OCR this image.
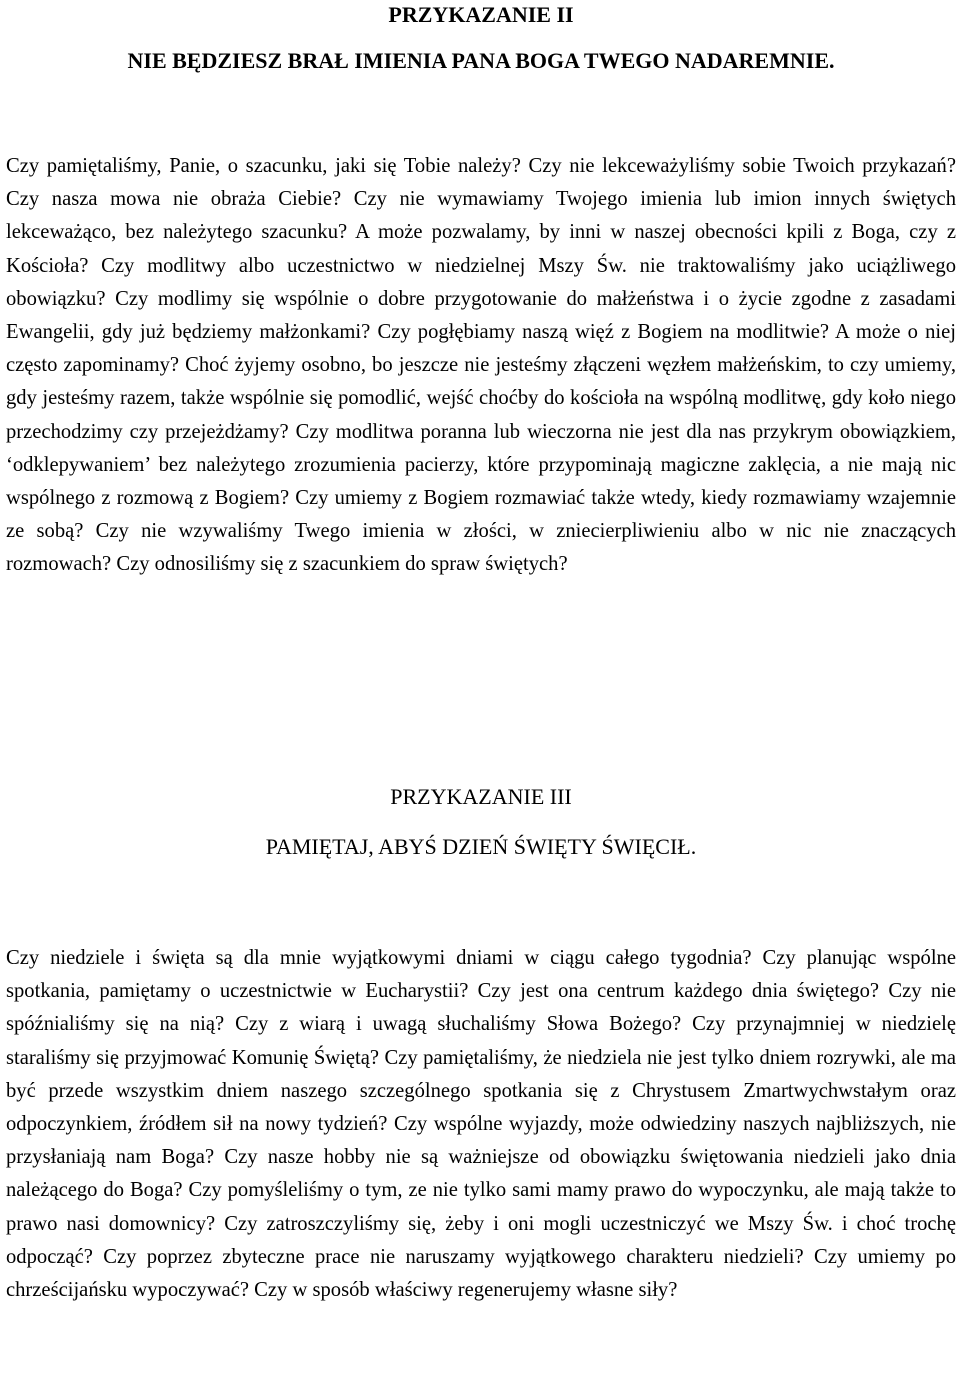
PRZYKAZANIE II
NIE BĘDZIESZ BRAŁ IMIENIA PANA BOGA TWEGO NADAREMNIE.

Czy pamiętaliśmy, Panie, o szacunku, jaki się Tobie należy? Czy nie lekceważyliśmy sobie Twoich przykazań? Czy nasza mowa nie obraża Ciebie? Czy nie wymawiamy Twojego imienia lub imion innych świętych lekceważąco, bez należytego szacunku? A może pozwalamy, by inni w naszej obecności kpili z Boga, czy z Kościoła? Czy modlitwy albo uczestnictwo w niedzielnej Mszy Św. nie traktowaliśmy jako uciążliwego obowiązku? Czy modlimy się wspólnie o dobre przygotowanie do małżeństwa i o życie zgodne z zasadami Ewangelii, gdy już będziemy małżonkami? Czy pogłębiamy naszą więź z Bogiem na modlitwie? A może o niej często zapominamy? Choć żyjemy osobno, bo jeszcze nie jesteśmy złączeni węzłem małżeńskim, to czy umiemy, gdy jesteśmy razem, także wspólnie się pomodlić, wejść choćby do kościoła na wspólną modlitwę, gdy koło niego przechodzimy czy przejeżdżamy? Czy modlitwa poranna lub wieczorna nie jest dla nas przykrym obowiązkiem, ‘odklepywaniem’ bez należytego zrozumienia pacierzy, które przypominają magiczne zaklęcia, a nie mają nic wspólnego z rozmową z Bogiem? Czy umiemy z Bogiem rozmawiać także wtedy, kiedy rozmawiamy wzajemnie ze sobą? Czy nie wzywaliśmy Twego imienia w złości, w zniecierpliwieniu albo w nic nie znaczących rozmowach? Czy odnosiliśmy się z szacunkiem do spraw świętych?

PRZYKAZANIE III
PAMIĘTAJ, ABYŚ DZIEŃ ŚWIĘTY ŚWIĘCIŁ.

Czy niedziele i święta są dla mnie wyjątkowymi dniami w ciągu całego tygodnia? Czy planując wspólne spotkania, pamiętamy o uczestnictwie w Eucharystii? Czy jest ona centrum każdego dnia świętego? Czy nie spóźnialiśmy się na nią? Czy z wiarą i uwagą słuchaliśmy Słowa Bożego? Czy przynajmniej w niedzielę staraliśmy się przyjmować Komunię Świętą? Czy pamiętaliśmy, że niedziela nie jest tylko dniem rozrywki, ale ma być przede wszystkim dniem naszego szczególnego spotkania się z Chrystusem Zmartwychwstałym oraz odpoczynkiem, źródłem sił na nowy tydzień? Czy wspólne wyjazdy, może odwiedziny naszych najbliższych, nie przysłaniają nam Boga? Czy nasze hobby nie są ważniejsze od obowiązku świętowania niedzieli jako dnia należącego do Boga? Czy pomyśleliśmy o tym, ze nie tylko sami mamy prawo do wypoczynku, ale mają także to prawo nasi domownicy? Czy zatroszczyliśmy się, żeby i oni mogli uczestniczyć we Mszy Św. i choć trochę odpocząć? Czy poprzez zbyteczne prace nie naruszamy wyjątkowego charakteru niedzieli? Czy umiemy po chrześcijańsku wypoczywać? Czy w sposób właściwy regenerujemy własne siły?
